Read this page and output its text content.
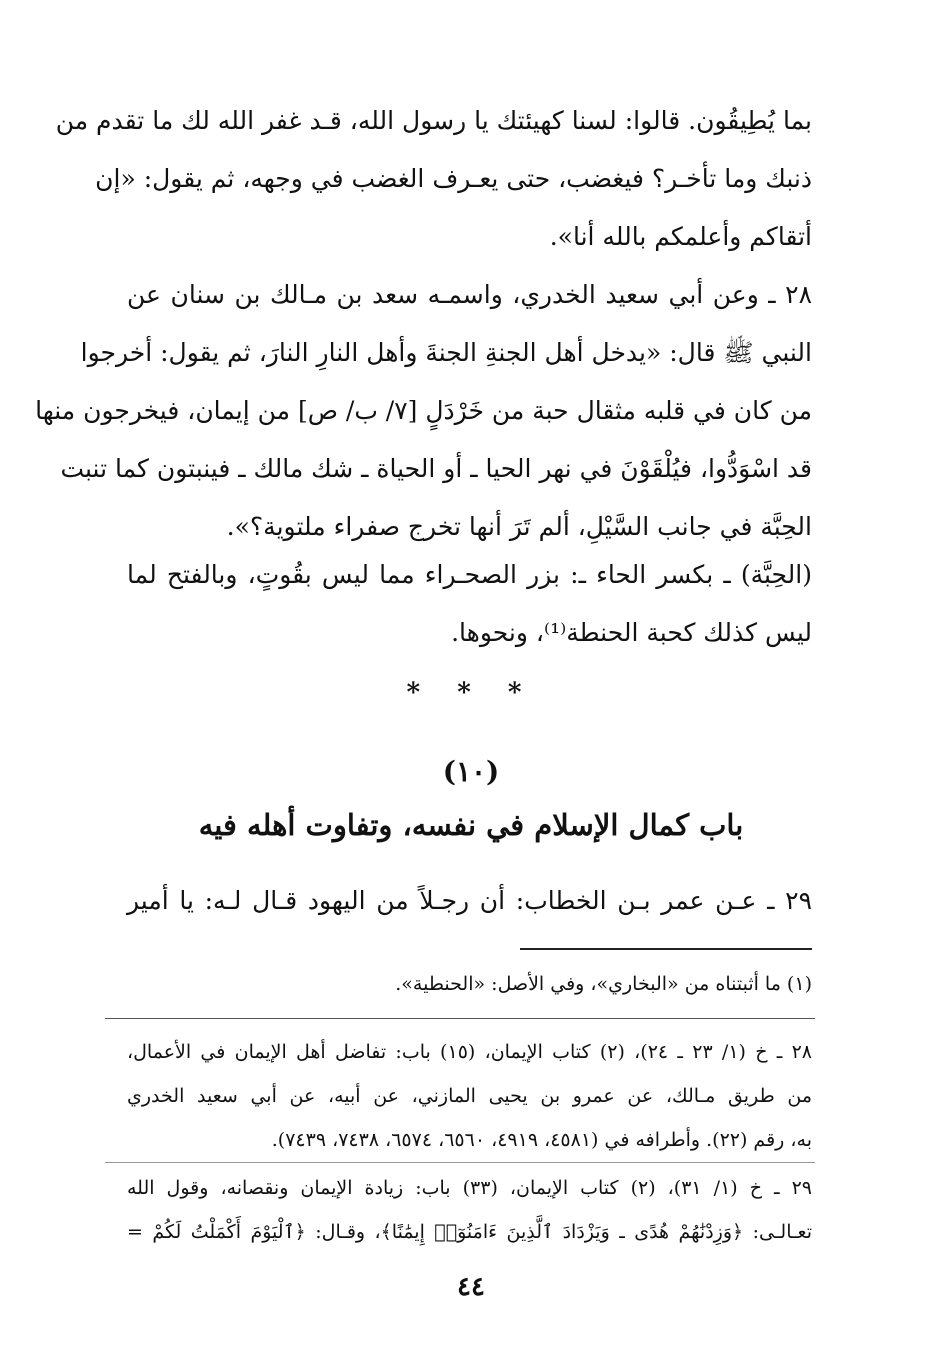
بما يُطِيقُون. قالوا: لسنا كهيئتك يا رسول الله، قـد غفر الله لك ما تقدم من
ذنبك وما تأخـر؟ فيغضب، حتى يعـرف الغضب في وجهه، ثم يقول: «إن
أتقاكم وأعلمكم بالله أنا».
٢٨ ـ وعن أبي سعيد الخدري، واسمـه سعد بن مـالك بن سنان عن
النبي ﷺ قال: «يدخل أهل الجنةِ الجنةَ وأهل النارِ النارَ، ثم يقول: أخرجوا
من كان في قلبه مثقال حبة من خَرْدَلٍ [٧/ ب/ ص] من إيمان، فيخرجون منها
قد اسْوَدُّوا، فيُلْقَوْنَ في نهر الحيا ـ أو الحياة ـ شك مالك ـ فينبتون كما تنبت
الحِبَّة في جانب السَّيْلِ، ألم تَرَ أنها تخرج صفراء ملتوية؟».
(الحِبَّة) ـ بكسر الحاء ـ: بزر الصحـراء مما ليس بقُوتٍ، وبالفتح لما
ليس كذلك كحبة الحنطة⁽¹⁾، ونحوها.
* * *
(١٠)
باب كمال الإسلام في نفسه، وتفاوت أهله فيه
٢٩ ـ عـن عمر بـن الخطاب: أن رجـلاً من اليهود قـال لـه: يا أمير
(١) ما أثبتناه من «البخاري»، وفي الأصل: «الحنطية».
٢٨ ـ خ (١/ ٢٣ ـ ٢٤)، (٢) كتاب الإيمان، (١٥) باب: تفاضل أهل الإيمان في الأعمال،
من طريق مـالك، عن عمرو بن يحيى المازني، عن أبيه، عن أبي سعيد الخدري
به، رقم (٢٢). وأطرافه في (٤٥٨١، ٤٩١٩، ٦٥٦٠، ٦٥٧٤، ٧٤٣٨، ٧٤٣٩).
٢٩ ـ خ (١/ ٣١)، (٢) كتاب الإيمان، (٣٣) باب: زيادة الإيمان ونقصانه، وقول الله
تعـالـى: ﴿وَزِدْنَٰهُمْ هُدًى ـ وَيَزْدَادَ ٱلَّذِينَ ءَامَنُوٓا۟ إِيمَٰنًا﴾، وقـال: ﴿ٱلْيَوْمَ أَكْمَلْتُ لَكُمْ =
٤٤
